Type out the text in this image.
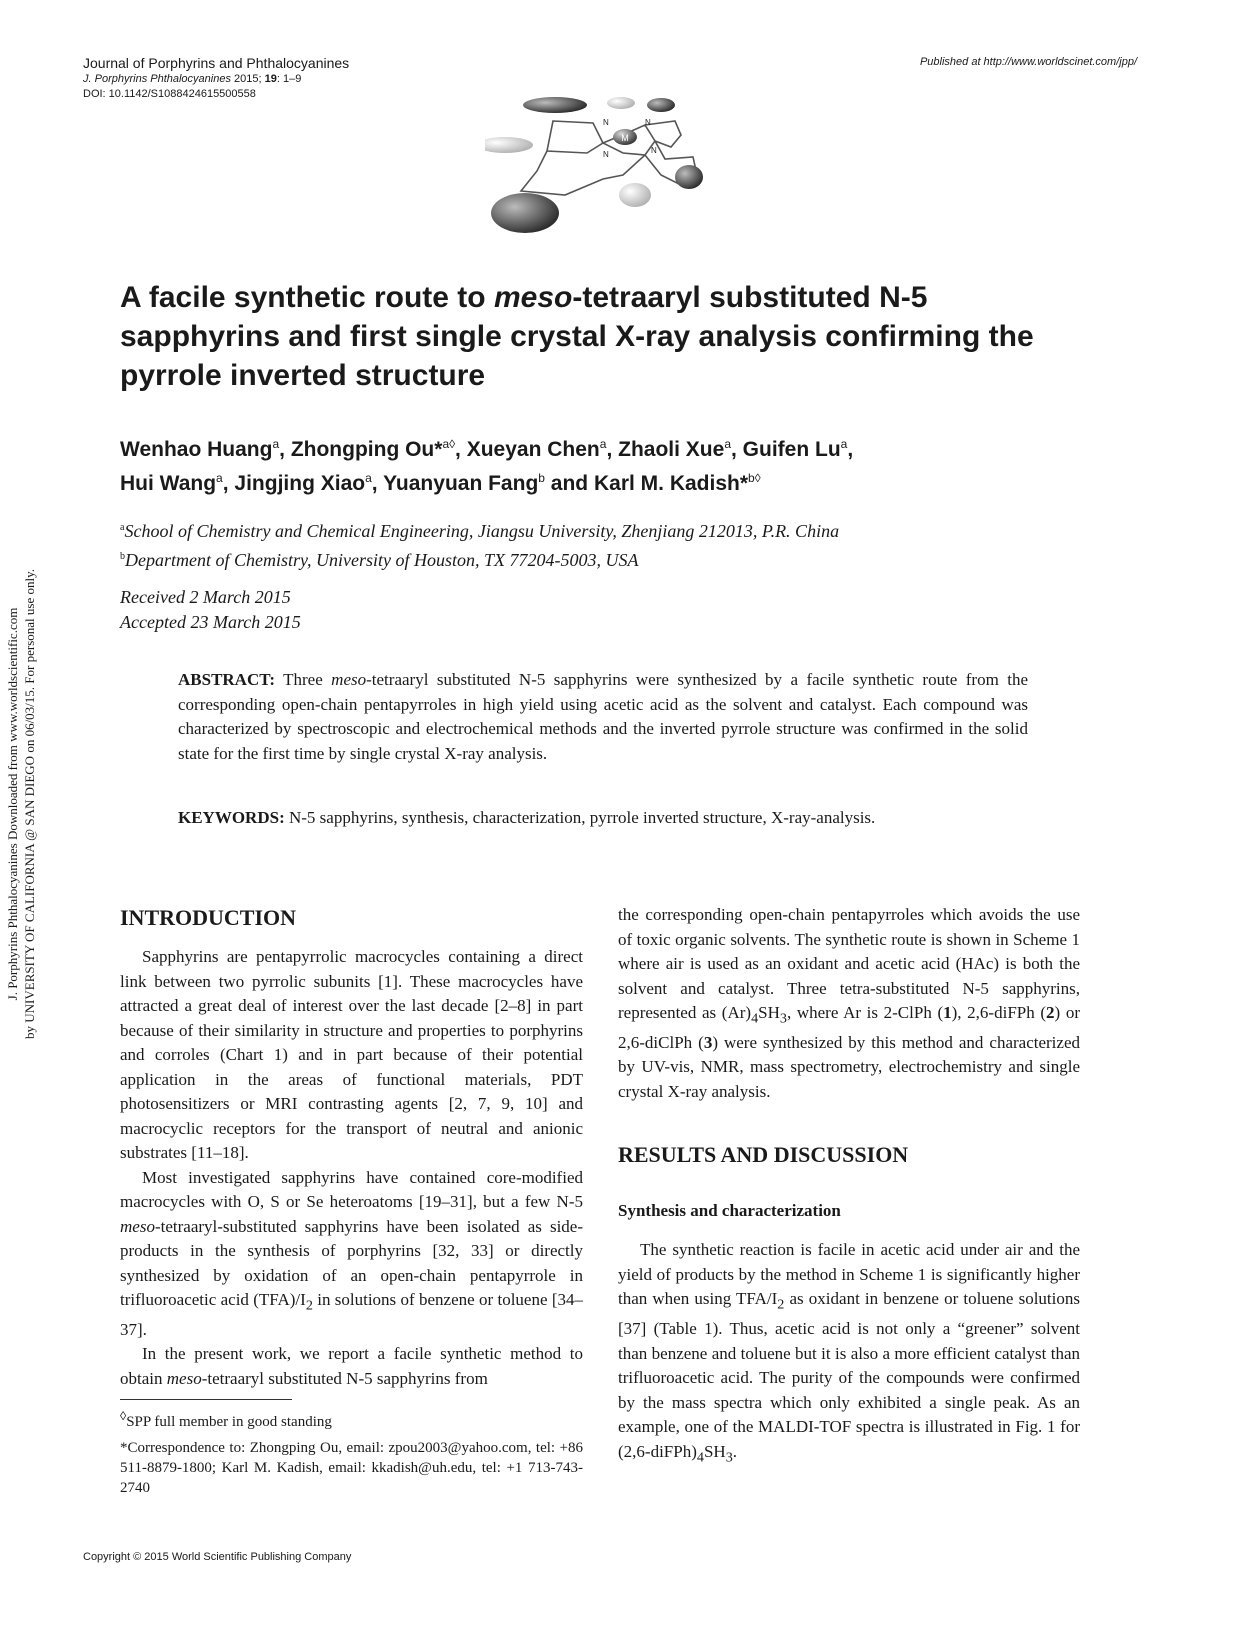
Journal of Porphyrins and Phthalocyanines
J. Porphyrins Phthalocyanines 2015; 19: 1–9
DOI: 10.1142/S1088424615500558
Published at http://www.worldscinet.com/jpp/
M
N	N
N	N
A facile synthetic route to meso-tetraaryl substituted N-5 sapphyrins and first single crystal X-ray analysis confirming the pyrrole inverted structure
Wenhao Huang$^a$, Zhongping Ou*$^{a◊}$, Xueyan Chen$^a$, Zhaoli Xue$^a$, Guifen Lu$^a$,
Hui Wang$^a$, Jingjing Xiao$^a$, Yuanyuan Fang$^b$ and Karl M. Kadish*$^{b◊}$
$^a$School of Chemistry and Chemical Engineering, Jiangsu University, Zhenjiang 212013, P.R. China
$^b$Department of Chemistry, University of Houston, TX 77204-5003, USA
Received 2 March 2015
Accepted 23 March 2015
ABSTRACT: Three meso-tetraaryl substituted N-5 sapphyrins were synthesized by a facile synthetic route from the corresponding open-chain pentapyrroles in high yield using acetic acid as the solvent and catalyst. Each compound was characterized by spectroscopic and electrochemical methods and the inverted pyrrole structure was confirmed in the solid state for the first time by single crystal X-ray analysis.
KEYWORDS: N-5 sapphyrins, synthesis, characterization, pyrrole inverted structure, X-ray-analysis.
J. Porphyrins Phthalocyanines Downloaded from www.worldscientific.com by UNIVERSITY OF CALIFORNIA @ SAN DIEGO on 06/03/15. For personal use only.	INTRODUCTION

Sapphyrins are pentapyrrolic macrocycles containing a direct link between two pyrrolic subunits [1]. These macrocycles have attracted a great deal of interest over the last decade [2–8] in part because of their similarity in structure and properties to porphyrins and corroles (Chart 1) and in part because of their potential application in the areas of functional materials, PDT photosensitizers or MRI contrasting agents [2, 7, 9, 10] and macrocyclic receptors for the transport of neutral and anionic substrates [11–18].

Most investigated sapphyrins have contained core-modified macrocycles with O, S or Se heteroatoms [19–31], but a few N-5 meso-tetraaryl-substituted sapphyrins have been isolated as side-products in the synthesis of porphyrins [32, 33] or directly synthesized by oxidation of an open-chain pentapyrrole in trifluoroacetic acid $(TFA)/I_2$ in solutions of benzene or toluene [34–37].

In the present work, we report a facile synthetic method to obtain meso-tetraaryl substituted N-5 sapphyrins from

the corresponding open-chain pentapyrroles which avoids the use of toxic organic solvents. The synthetic route is shown in Scheme 1 where air is used as an oxidant and acetic acid (HAc) is both the solvent and catalyst. Three tetra-substituted N-5 sapphyrins, represented as $(Ar)_4SH_3$, where Ar is 2-ClPh (1), 2,6-diFPh (2) or 2,6-diClPh (3) were synthesized by this method and characterized by UV-vis, NMR, mass spectrometry, electrochemistry and single crystal X-ray analysis.

RESULTS AND DISCUSSION
Synthesis and characterization

The synthetic reaction is facile in acetic acid under air and the yield of products by the method in Scheme 1 is significantly higher than when using TFA/$I_2$ as oxidant in benzene or toluene solutions [37] (Table 1). Thus, acetic acid is not only a “greener” solvent than benzene and toluene but it is also a more efficient catalyst than trifluoroacetic acid. The purity of the compounds were confirmed by the mass spectra which only exhibited a single peak. As an example, one of the MALDI-TOF spectra is illustrated in Fig. 1 for $(2,6-diFPh)_4SH_3$.

◊SPP full member in good standing

*Correspondence to: Zhongping Ou, email: zpou2003@yahoo.com, tel: +86 511-8879-1800; Karl M. Kadish, email: kkadish@uh.edu, tel: +1 713-743-2740

Copyright © 2015 World Scientific Publishing Company
